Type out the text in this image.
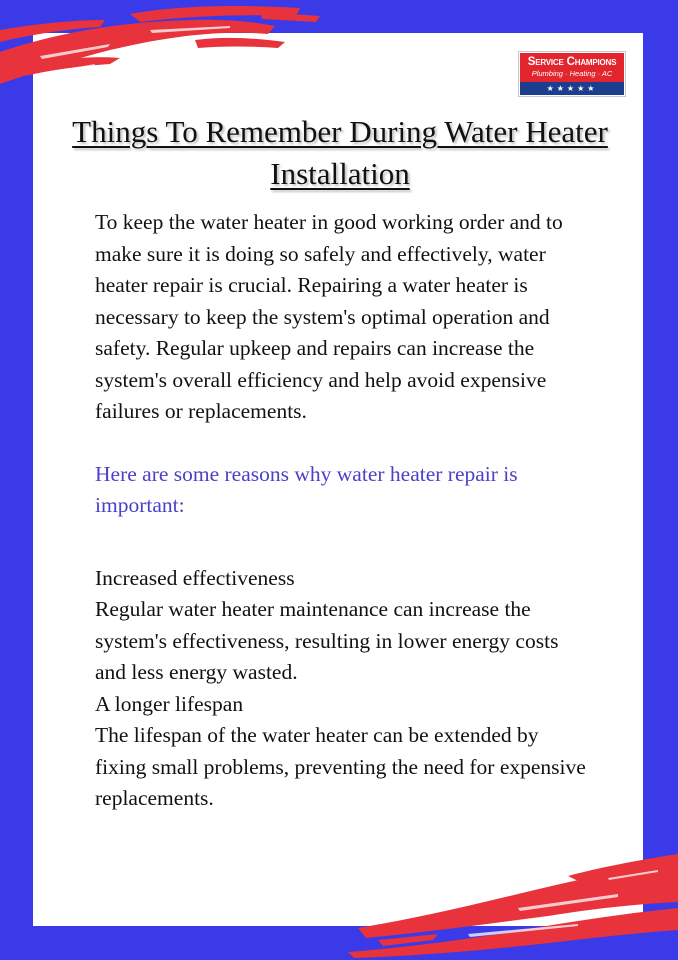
Service Champions
Plumbing · Heating · AC
★★★★★
Things To Remember During Water Heater Installation

To keep the water heater in good working order and to make sure it is doing so safely and effectively, water heater repair is crucial. Repairing a water heater is necessary to keep the system's optimal operation and safety. Regular upkeep and repairs can increase the system's overall efficiency and help avoid expensive failures or replacements.

Here are some reasons why water heater repair is important:

Increased effectiveness

Regular water heater maintenance can increase the system's effectiveness, resulting in lower energy costs and less energy wasted.

A longer lifespan

The lifespan of the water heater can be extended by fixing small problems, preventing the need for expensive replacements.
